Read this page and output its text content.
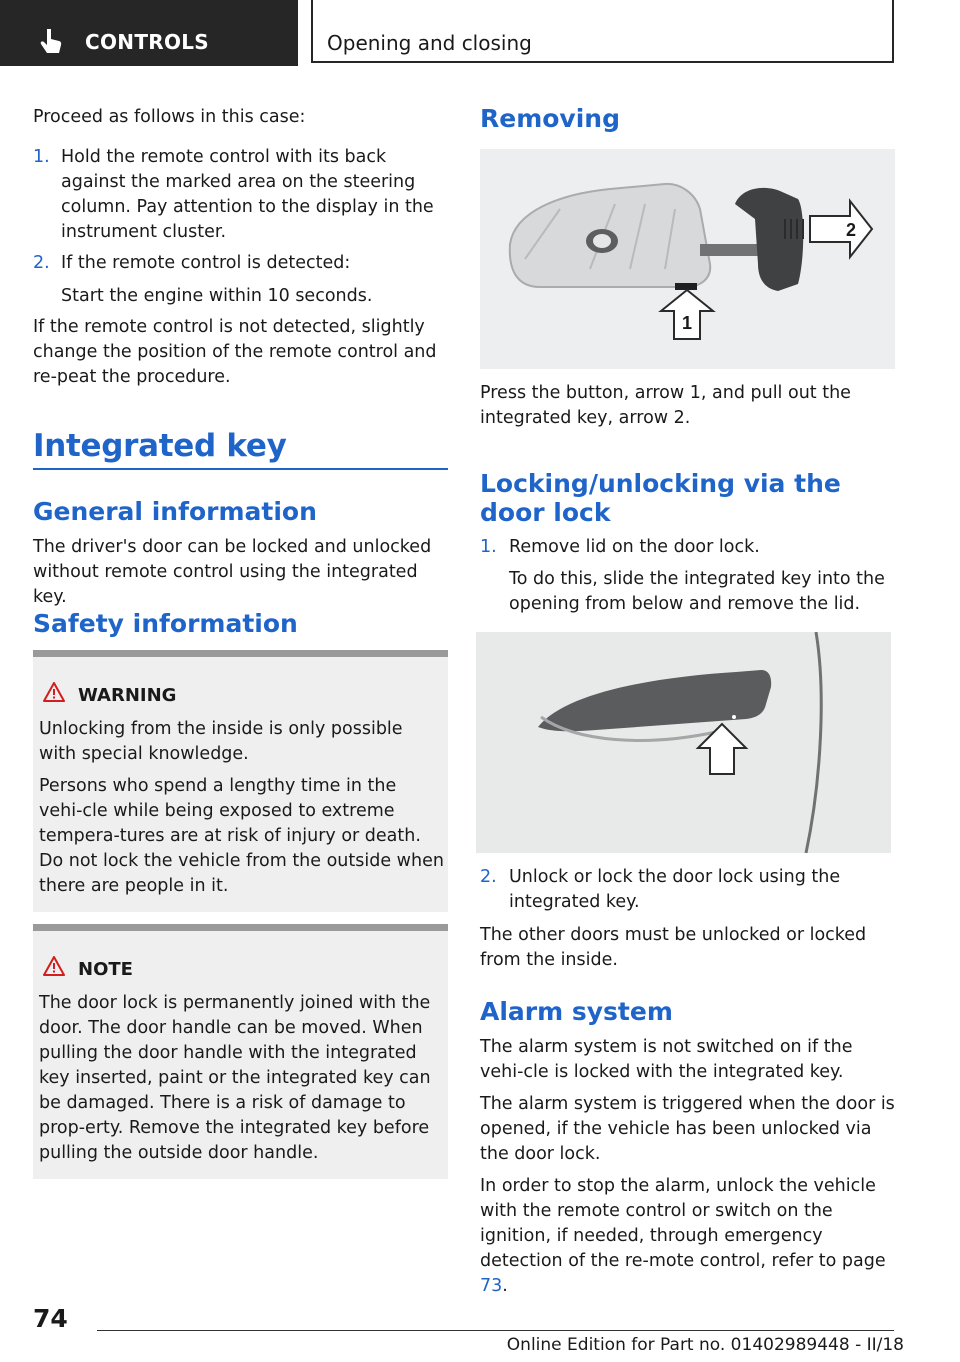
CONTROLS	Opening and closing

Proceed as follows in this case:

1. Hold the remote control with its back against the marked area on the steering column. Pay attention to the display in the instrument cluster.

2. If the remote control is detected:

Start the engine within 10 seconds.

If the remote control is not detected, slightly change the position of the remote control and re-peat the procedure.

Integrated key
General information

The driver's door can be locked and unlocked without remote control using the integrated key.

Safety information
WARNING

Unlocking from the inside is only possible with special knowledge.

Persons who spend a lengthy time in the vehi-cle while being exposed to extreme tempera-tures are at risk of injury or death. Do not lock the vehicle from the outside when there are people in it.

NOTE

The door lock is permanently joined with the door. The door handle can be moved. When pulling the door handle with the integrated key inserted, paint or the integrated key can be damaged. There is a risk of damage to prop-erty. Remove the integrated key before pulling the outside door handle.

Removing
1
2

Press the button, arrow 1, and pull out the integrated key, arrow 2.

Locking/unlocking via the door lock
1. Remove lid on the door lock.

To do this, slide the integrated key into the opening from below and remove the lid.

2. Unlock or lock the door lock using the integrated key.

The other doors must be unlocked or locked from the inside.

Alarm system

The alarm system is not switched on if the vehi-cle is locked with the integrated key.

The alarm system is triggered when the door is opened, if the vehicle has been unlocked via the door lock.

In order to stop the alarm, unlock the vehicle with the remote control or switch on the ignition, if needed, through emergency detection of the re-mote control, refer to page 73.

74
Online Edition for Part no. 01402989448 - II/18
